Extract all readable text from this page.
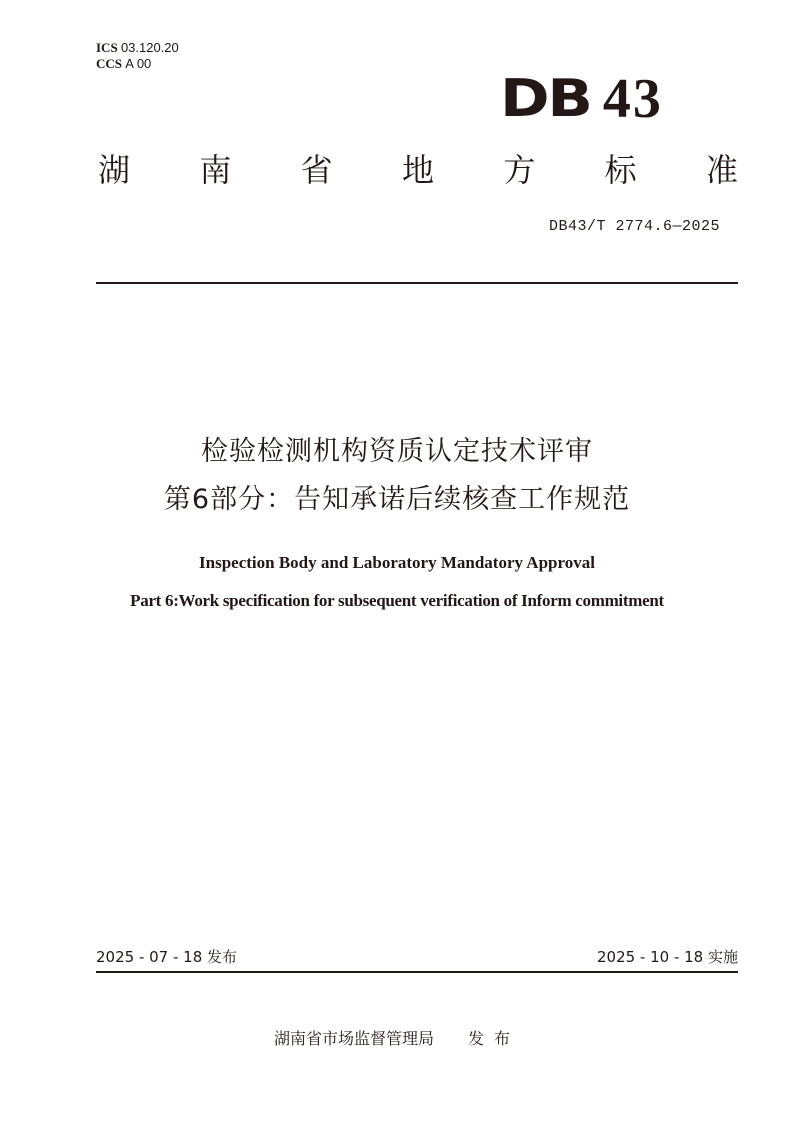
ICS 03.120.20
CCS A 00
DB 43
湖 南 省 地 方 标 准
DB43/T 2774.6—2025
检验检测机构资质认定技术评审
第6部分：告知承诺后续核查工作规范
Inspection Body and Laboratory Mandatory Approval
Part 6:Work specification for subsequent verification of Inform commitment
2025 - 07 - 18 发布	2025 - 10 - 18 实施
湖南省市场监督管理局 发布
